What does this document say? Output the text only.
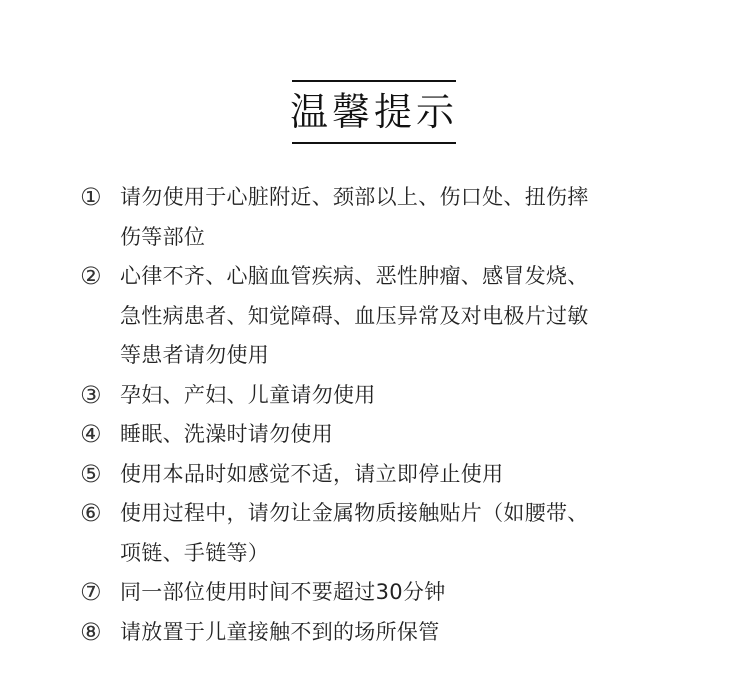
温馨提示
① 请勿使用于心脏附近、颈部以上、伤口处、扭伤摔
伤等部位
② 心律不齐、心脑血管疾病、恶性肿瘤、感冒发烧、
急性病患者、知觉障碍、血压异常及对电极片过敏
等患者请勿使用
③ 孕妇、产妇、儿童请勿使用
④ 睡眠、洗澡时请勿使用
⑤ 使用本品时如感觉不适，请立即停止使用
⑥ 使用过程中，请勿让金属物质接触贴片（如腰带、
项链、手链等）
⑦ 同一部位使用时间不要超过30分钟
⑧ 请放置于儿童接触不到的场所保管
